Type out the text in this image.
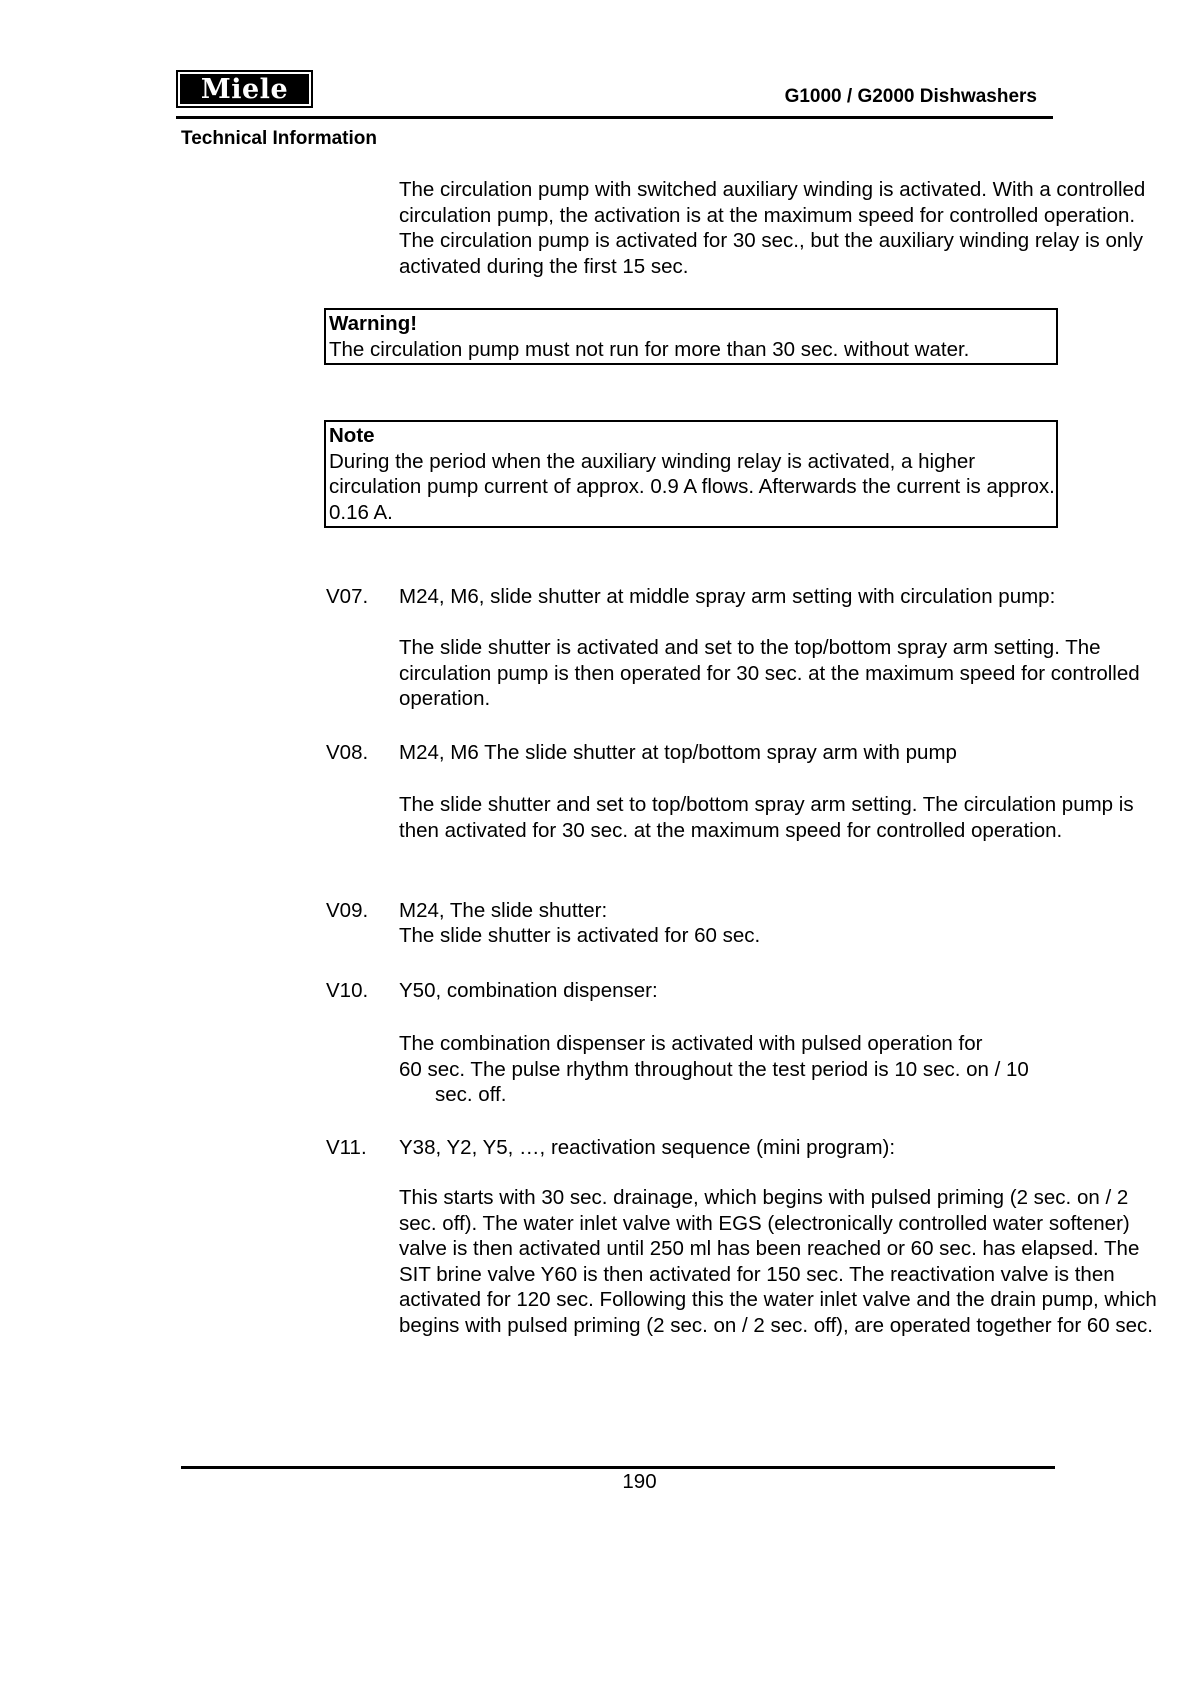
Miele	G1000 / G2000 Dishwashers
Technical Information
The circulation pump with switched auxiliary winding is activated. With a controlled circulation pump, the activation is at the maximum speed for controlled operation. The circulation pump is activated for 30 sec., but the auxiliary winding relay is only activated during the first 15 sec.
Warning!
The circulation pump must not run for more than 30 sec. without water.
Note
During the period when the auxiliary winding relay is activated, a higher circulation pump current of approx. 0.9 A flows. Afterwards the current is approx. 0.16 A.
V07. M24, M6, slide shutter at middle spray arm setting with circulation pump:
The slide shutter is activated and set to the top/bottom spray arm setting. The circulation pump is then operated for 30 sec. at the maximum speed for controlled operation.
V08. M24, M6 The slide shutter at top/bottom spray arm with pump
The slide shutter and set to top/bottom spray arm setting. The circulation pump is then activated for 30 sec. at the maximum speed for controlled operation.
V09. M24, The slide shutter:
The slide shutter is activated for 60 sec.
V10. Y50, combination dispenser:
The combination dispenser is activated with pulsed operation for
60 sec. The pulse rhythm throughout the test period is 10 sec. on / 10
sec. off.
V11. Y38, Y2, Y5, …, reactivation sequence (mini program):
This starts with 30 sec. drainage, which begins with pulsed priming (2 sec. on / 2 sec. off). The water inlet valve with EGS (electronically controlled water softener) valve is then activated until 250 ml has been reached or 60 sec. has elapsed. The SIT brine valve Y60 is then activated for 150 sec. The reactivation valve is then activated for 120 sec. Following this the water inlet valve and the drain pump, which begins with pulsed priming (2 sec. on / 2 sec. off), are operated together for 60 sec.
190
